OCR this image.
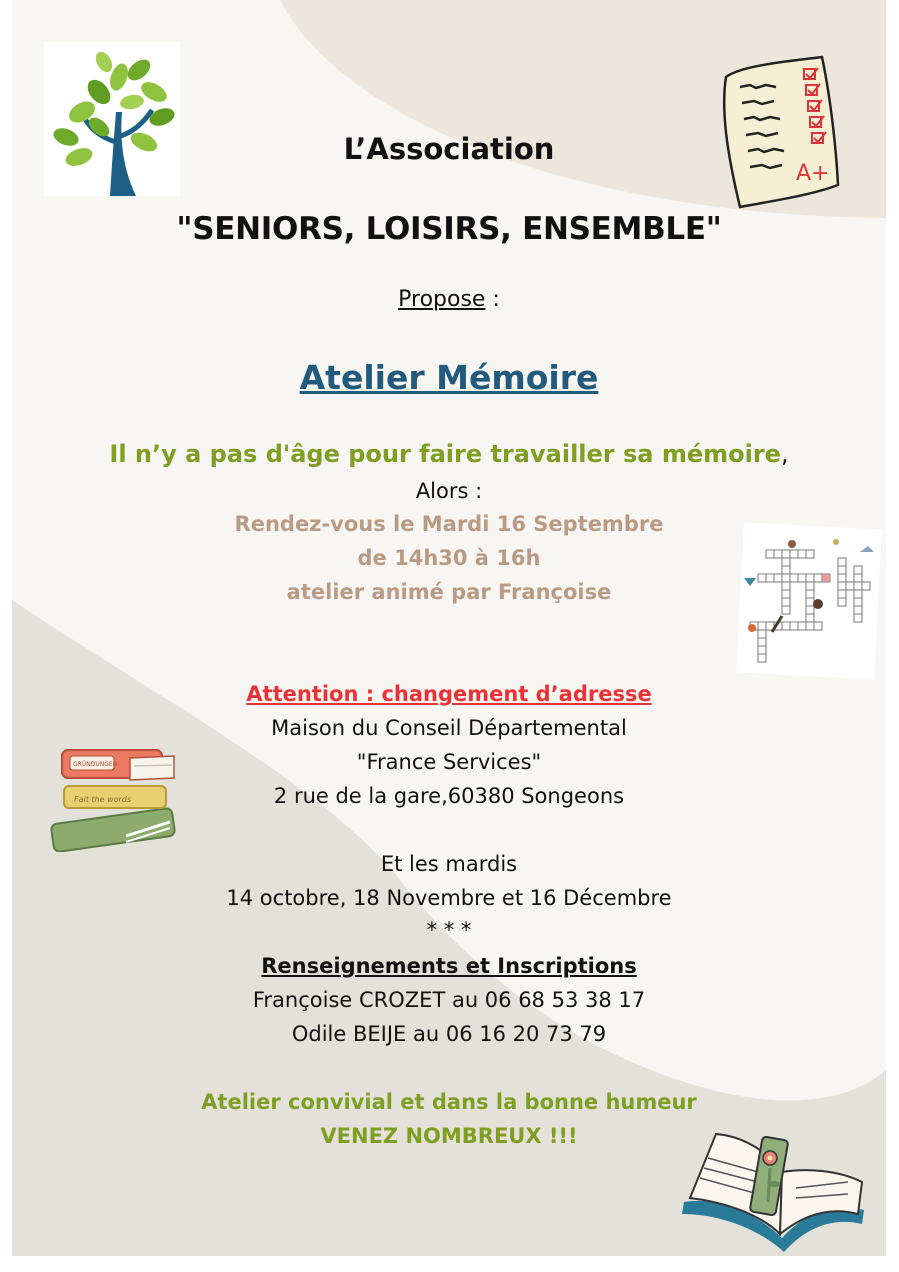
A+
Fait the words
GRÜNDUNGEN
L’Association
"SENIORS, LOISIRS, ENSEMBLE"
Propose :
Atelier Mémoire
Il n’y a pas d'âge pour faire travailler sa mémoire,
Alors :
Rendez-vous le Mardi 16 Septembre
de 14h30 à 16h
atelier animé par Françoise
Attention : changement d’adresse
Maison du Conseil Départemental
"France Services"
2 rue de la gare,60380 Songeons
Et les mardis
14 octobre, 18 Novembre et 16 Décembre
* * *
Renseignements et Inscriptions
Françoise CROZET au 06 68 53 38 17
Odile BEIJE au 06 16 20 73 79
Atelier convivial et dans la bonne humeur
VENEZ NOMBREUX !!!
